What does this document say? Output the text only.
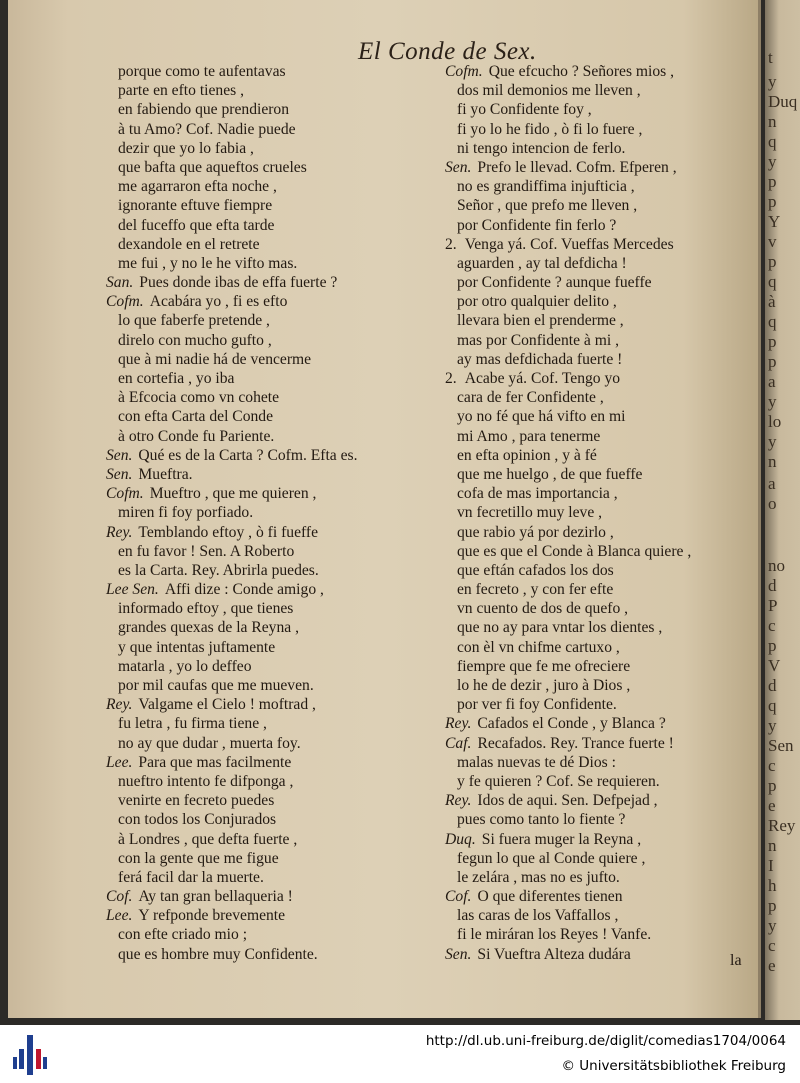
El Conde de Sex.
porque como te aufentavas
parte en efto tienes ,
en fabiendo que prendieron
à tu Amo? Cof. Nadie puede
dezir que yo lo fabia ,
que bafta que aqueftos crueles
me agarraron efta noche ,
ignorante eftuve fiempre
del fuceffo que efta tarde
dexandole en el retrete
me fui , y no le he vifto mas.
San. Pues donde ibas de effa fuerte ?
Cofm. Acabára yo , fi es efto
lo que faberfe pretende ,
direlo con mucho gufto ,
que à mi nadie há de vencerme
en cortefia , yo iba
à Efcocia como vn cohete
con efta Carta del Conde
à otro Conde fu Pariente.
Sen. Qué es de la Carta ? Cofm. Efta es.
Sen. Mueftra.
Cofm. Mueftro , que me quieren ,
miren fi foy porfiado.
Rey. Temblando eftoy , ò fi fueffe
en fu favor ! Sen. A Roberto
es la Carta. Rey. Abrirla puedes.
Lee Sen. Affi dize : Conde amigo ,
informado eftoy , que tienes
grandes quexas de la Reyna ,
y que intentas juftamente
matarla , yo lo deffeo
por mil caufas que me mueven.
Rey. Valgame el Cielo ! moftrad ,
fu letra , fu firma tiene ,
no ay que dudar , muerta foy.
Lee. Para que mas facilmente
nueftro intento fe difponga ,
venirte en fecreto puedes
con todos los Conjurados
à Londres , que defta fuerte ,
con la gente que me figue
ferá facil dar la muerte.
Cof. Ay tan gran bellaqueria !
Lee. Y refponde brevemente
con efte criado mio ;
que es hombre muy Confidente.
Cofm. Que efcucho ? Señores mios ,
dos mil demonios me lleven ,
fi yo Confidente foy ,
fi yo lo he fido , ò fi lo fuere ,
ni tengo intencion de ferlo.
Sen. Prefo le llevad. Cofm. Efperen ,
no es grandiffima injufticia ,
Señor , que prefo me lleven ,
por Confidente fin ferlo ?
2. Venga yá. Cof. Vueffas Mercedes
aguarden , ay tal defdicha !
por Confidente ? aunque fueffe
por otro qualquier delito ,
llevara bien el prenderme ,
mas por Confidente à mi ,
ay mas defdichada fuerte !
2. Acabe yá. Cof. Tengo yo
cara de fer Confidente ,
yo no fé que há vifto en mi
mi Amo , para tenerme
en efta opinion , y à fé
que me huelgo , de que fueffe
cofa de mas importancia ,
vn fecretillo muy leve ,
que rabio yá por dezirlo ,
que es que el Conde à Blanca quiere ,
que eftán cafados los dos
en fecreto , y con fer efte
vn cuento de dos de quefo ,
que no ay para vntar los dientes ,
con èl vn chifme cartuxo ,
fiempre que fe me ofreciere
lo he de dezir , juro à Dios ,
por ver fi foy Confidente.
Rey. Cafados el Conde , y Blanca ?
Caf. Recafados. Rey. Trance fuerte !
malas nuevas te dé Dios :
y fe quieren ? Cof. Se requieren.
Rey. Idos de aqui. Sen. Defpejad ,
pues como tanto lo fiente ?
Duq. Si fuera muger la Reyna ,
fegun lo que al Conde quiere ,
le zelára , mas no es jufto.
Cof. O que diferentes tienen
las caras de los Vaffallos ,
fi le miráran los Reyes ! Vanfe.
Sen. Si Vueftra Alteza dudára	la
t
y
Duq
n
q
y
p
p
Y
v
p
q
à
q
p
p
a
y
lo
y
n
a
o
no
d
P
c
p
V
d
q
y
Sen
c
p
e
Rey
n
I
h
p
y
c
e
http://dl.ub.uni-freiburg.de/diglit/comedias1704/0064
© Universitätsbibliothek Freiburg
